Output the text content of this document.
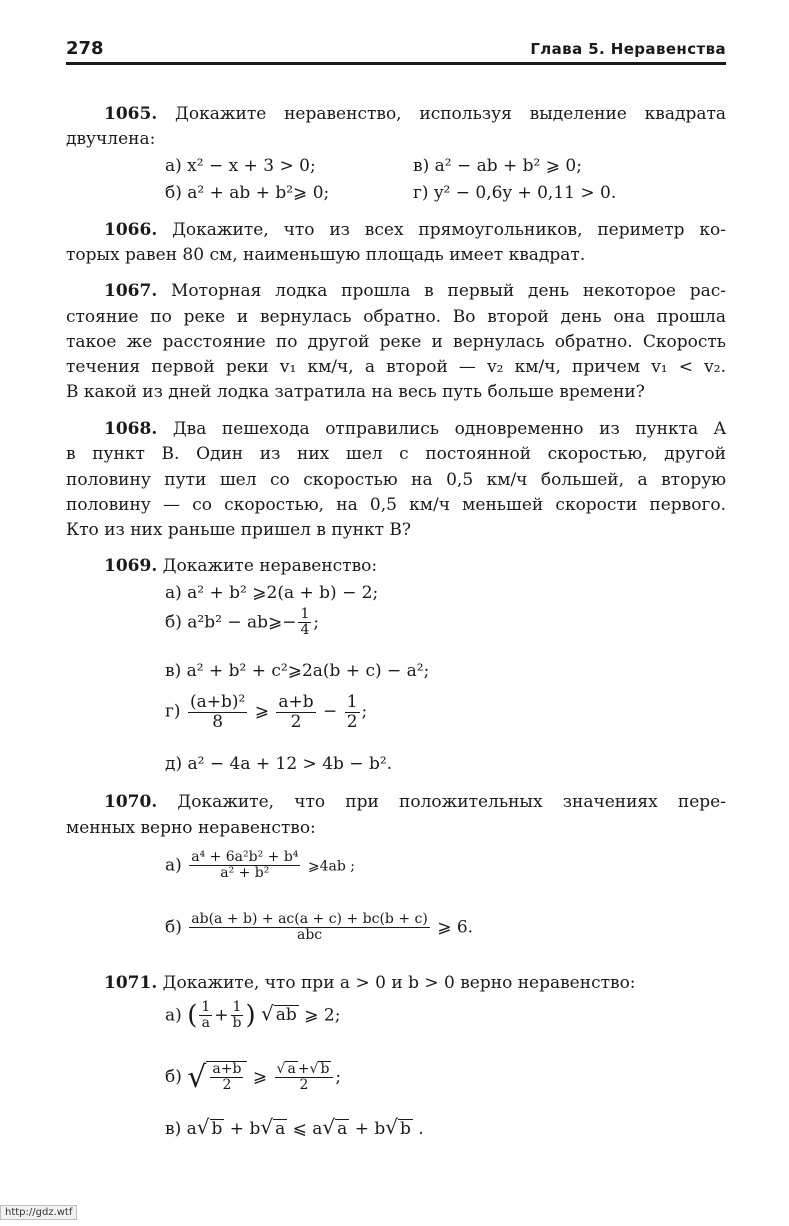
278	Глава 5. Неравенства
1065. Докажите неравенство, используя выделение квадрата
двучлена:
а) x² − x + 3 > 0;	в) a² − ab + b² ⩾ 0;
б) a² + ab + b²⩾ 0;	г) y² − 0,6y + 0,11 > 0.
1066. Докажите, что из всех прямоугольников, периметр ко-
торых равен 80 см, наименьшую площадь имеет квадрат.
1067. Моторная лодка прошла в первый день некоторое рас-
стояние по реке и вернулась обратно. Во второй день она прошла
такое же расстояние по другой реке и вернулась обратно. Скорость
течения первой реки v₁ км/ч, а второй — v₂ км/ч, причем v₁ < v₂.
В какой из дней лодка затратила на весь путь больше времени?
1068. Два пешехода отправились одновременно из пункта A
в пункт B. Один из них шел с постоянной скоростью, другой
половину пути шел со скоростью на 0,5 км/ч большей, а вторую
половину — со скоростью, на 0,5 км/ч меньшей скорости первого.
Кто из них раньше пришел в пункт B?
1069. Докажите неравенство:
а) a² + b² ⩾2(a + b) − 2;
б) a²b² − ab⩾− $\frac{1}{4}$ ;
в) a² + b² + c²⩾2a(b + c) − a²;
$г) \frac{\text{(a+b)²}}{8}$ ⩾ $\frac{a+b}{2} - \frac{1}{2}$ ;
д) a² − 4a + 12 > 4b − b².
1070. Докажите, что при положительных значениях пере-
менных верно неравенство:
$а) \frac{\text{a⁴ + 6a²b² + b⁴}}{\text{a² + b²}}$ ⩾4ab ;
$б) \frac{ab(a + b) + ac(a + c) + bc(b + c)}{\text{abc}}$ ⩾ 6.
1071. Докажите, что при a > 0 и b > 0 верно неравенство:
а) ( $\frac{1}{a} + \frac{1}{b}$ ) √ ab ⩾ 2;
б) √ $\frac{a+b}{2}$ ⩾ $\frac{√ a +√ b}{2}$ ;
в) a√ b + b√ a ⩽ a√ a + b√ b .
http://gdz.wtf
